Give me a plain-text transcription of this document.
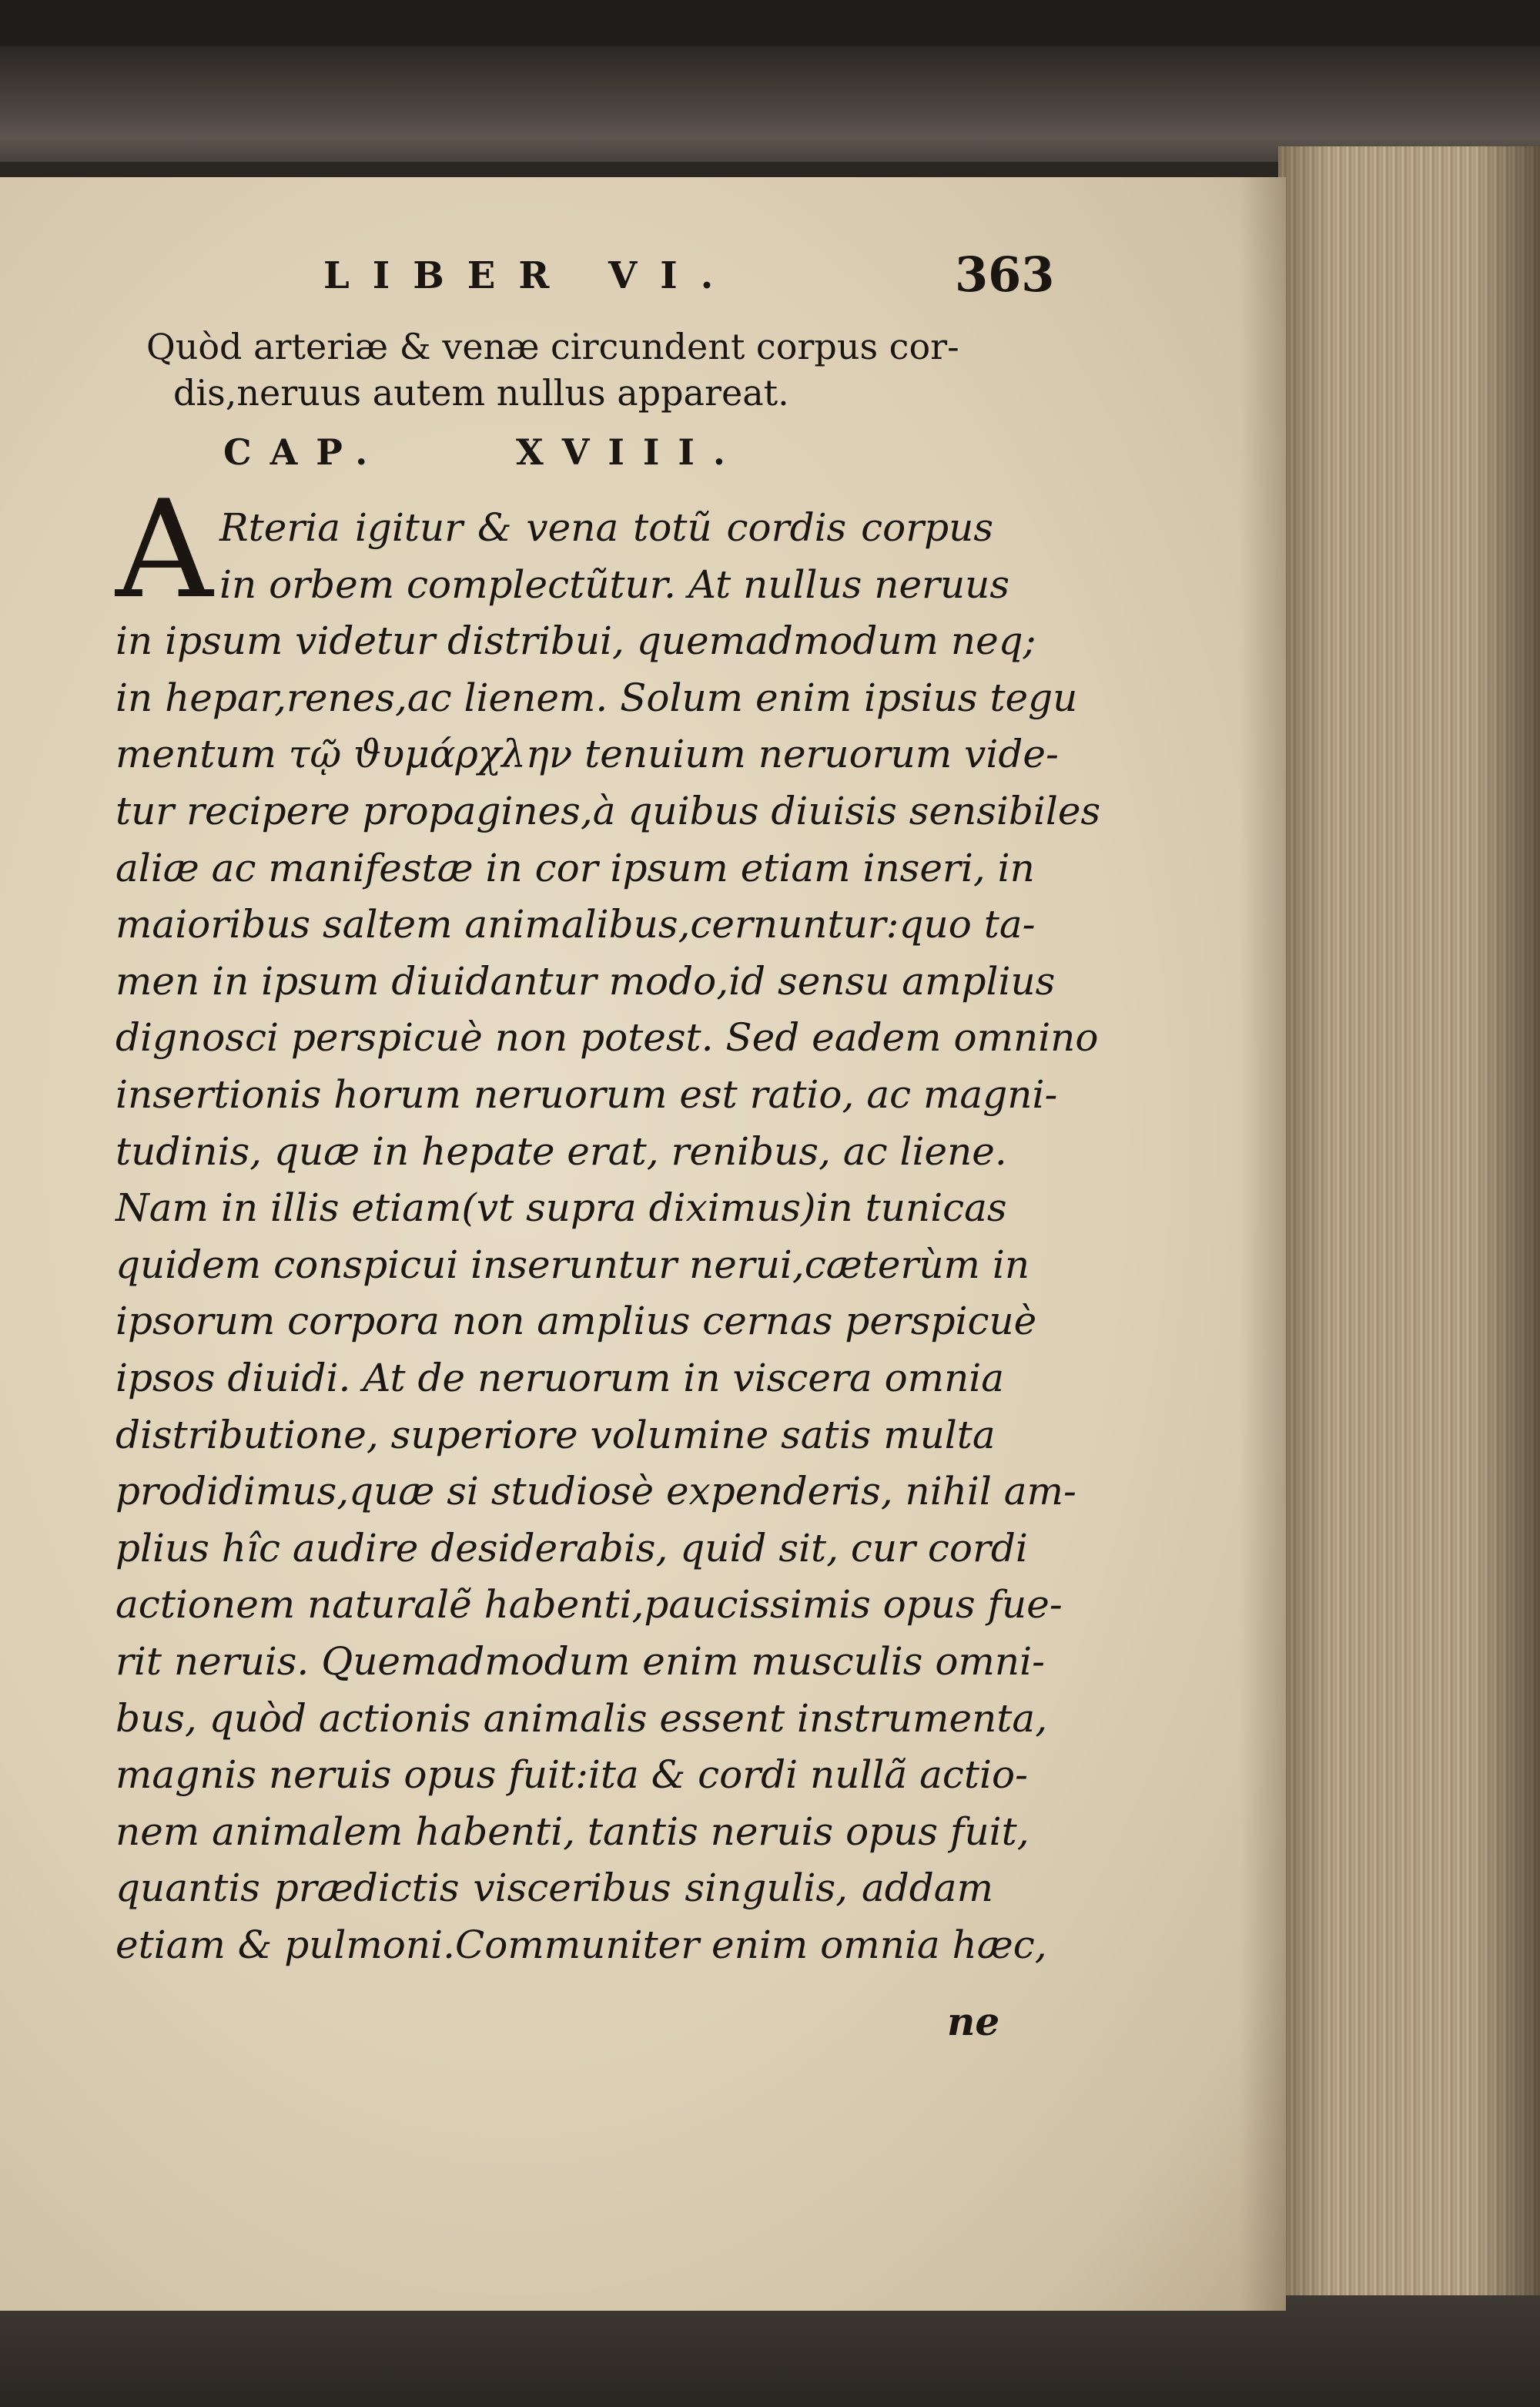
LIBER VI.	363
Quòd arteriæ & venæ circundent corpus cor-
dis,neruus autem nullus appareat.
CAP.	XVIII.
A Rteria igitur & vena totũ cordis corpus
in orbem complectũtur. At nullus neruus
in ipsum videtur distribui, quemadmodum neq;
in hepar,renes,ac lienem. Solum enim ipsius tegu
mentum τῷ ϑυμάρχλην tenuium neruorum vide-
tur recipere propagines,à quibus diuisis sensibiles
aliæ ac manifestæ in cor ipsum etiam inseri, in
maioribus saltem animalibus,cernuntur:quo ta-
men in ipsum diuidantur modo,id sensu amplius
dignosci perspicuè non potest. Sed eadem omnino
insertionis horum neruorum est ratio, ac magni-
tudinis, quæ in hepate erat, renibus, ac liene.
Nam in illis etiam(vt supra diximus)in tunicas
quidem conspicui inseruntur nerui,cæterùm in
ipsorum corpora non amplius cernas perspicuè
ipsos diuidi. At de neruorum in viscera omnia
distributione, superiore volumine satis multa
prodidimus,quæ si studiosè expenderis, nihil am-
plius hîc audire desiderabis, quid sit, cur cordi
actionem naturalẽ habenti,paucissimis opus fue-
rit neruis. Quemadmodum enim musculis omni-
bus, quòd actionis animalis essent instrumenta,
magnis neruis opus fuit:ita & cordi nullã actio-
nem animalem habenti, tantis neruis opus fuit,
quantis prædictis visceribus singulis, addam
etiam & pulmoni.Communiter enim omnia hæc,
ne
